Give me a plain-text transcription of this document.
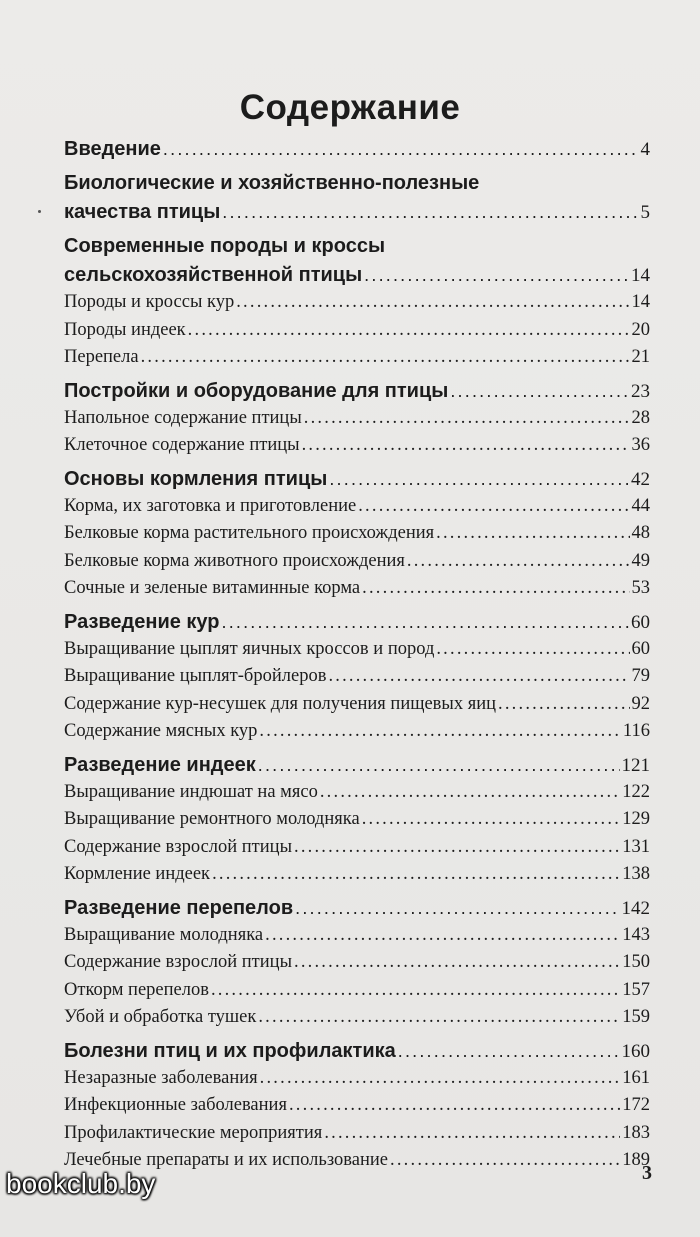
Содержание
Введение .....	4
Биологические и хозяйственно-полезные
качества птицы .....	5
Современные породы и кроссы
сельскохозяйственной птицы .....	14
Породы и кроссы кур .....	14
Породы индеек .....	20
Перепела .....	21
Постройки и оборудование для птицы .....	23
Напольное содержание птицы .....	28
Клеточное содержание птицы .....	36
Основы кормления птицы .....	42
Корма, их заготовка и приготовление .....	44
Белковые корма растительного происхождения .....	48
Белковые корма животного происхождения .....	49
Сочные и зеленые витаминные корма .....	53
Разведение кур .....	60
Выращивание цыплят яичных кроссов и пород .....	60
Выращивание цыплят-бройлеров .....	79
Содержание кур-несушек для получения пищевых яиц .....	92
Содержание мясных кур .....	116
Разведение индеек .....	121
Выращивание индюшат на мясо .....	122
Выращивание ремонтного молодняка .....	129
Содержание взрослой птицы .....	131
Кормление индеек .....	138
Разведение перепелов .....	142
Выращивание молодняка .....	143
Содержание взрослой птицы .....	150
Откорм перепелов .....	157
Убой и обработка тушек .....	159
Болезни птиц и их профилактика .....	160
Незаразные заболевания .....	161
Инфекционные заболевания .....	172
Профилактические мероприятия .....	183
Лечебные препараты и их использование .....	189
3
bookclub.by
